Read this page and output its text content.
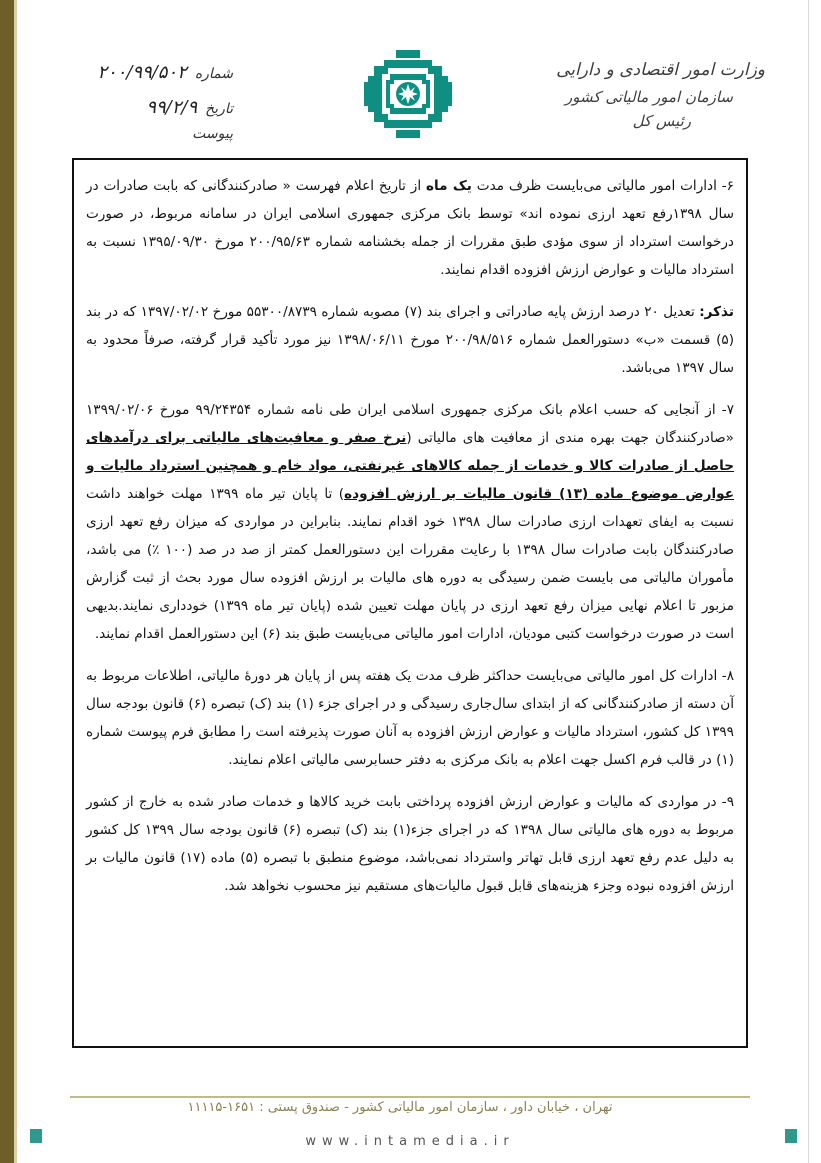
وزارت امور اقتصادی و دارایی
سازمان امور مالیاتی کشور
رئیس کل
شماره
۲۰۰/۹۹/۵۰۲
تاریخ
۹۹/۲/۹
پیوست

۶- ادارات امور مالیاتی می‌بایست ظرف مدت یک ماه از تاریخ اعلام فهرست « صادرکنندگانی که بابت صادرات در سال ۱۳۹۸رفع تعهد ارزی نموده اند» توسط بانک مرکزی جمهوری اسلامی ایران در سامانه مربوط، در صورت درخواست استرداد از سوی مؤدی طبق مقررات از جمله بخشنامه شماره ۲۰۰/۹۵/۶۳ مورخ ۱۳۹۵/۰۹/۳۰ نسبت به استرداد مالیات و عوارض ارزش افزوده اقدام نمایند.

تذکر: تعدیل ۲۰ درصد ارزش پایه صادراتی و اجرای بند (۷) مصوبه شماره ۵۵۳۰۰/۸۷۳۹ مورخ ۱۳۹۷/۰۲/۰۲ که در بند (۵) قسمت «ب» دستورالعمل شماره ۲۰۰/۹۸/۵۱۶ مورخ ۱۳۹۸/۰۶/۱۱ نیز مورد تأکید قرار گرفته، صرفاً محدود به سال ۱۳۹۷ می‌باشد.

۷- از آنجایی که حسب اعلام بانک مرکزی جمهوری اسلامی ایران طی نامه شماره ۹۹/۲۴۳۵۴ مورخ ۱۳۹۹/۰۲/۰۶ «صادرکنندگان جهت بهره مندی از معافیت های مالیاتی (نرخ صفر و معافیت‌های مالیاتی برای درآمدهای حاصل از صادرات کالا و خدمات از جمله کالاهای غیرنفتی، مواد خام و همچنین استرداد مالیات و عوارض موضوع ماده (۱۳) قانون مالیات بر ارزش افزوده) تا پایان تیر ماه ۱۳۹۹ مهلت خواهند داشت نسبت به ایفای تعهدات ارزی صادرات سال ۱۳۹۸ خود اقدام نمایند. بنابراین در مواردی که میزان رفع تعهد ارزی صادرکنندگان بابت صادرات سال ۱۳۹۸ با رعایت مقررات این دستورالعمل کمتر از صد در صد (۱۰۰ ٪) می باشد، مأموران مالیاتی می بایست ضمن رسیدگی به دوره های مالیات بر ارزش افزوده سال مورد بحث از ثبت گزارش مزبور تا اعلام نهایی میزان رفع تعهد ارزی در پایان مهلت تعیین شده (پایان تیر ماه ۱۳۹۹) خودداری نمایند.بدیهی است در صورت درخواست کتبی مودیان، ادارات امور مالیاتی می‌بایست طبق بند (۶) این دستورالعمل اقدام نمایند.

۸- ادارات کل امور مالیاتی می‌بایست حداکثر ظرف مدت یک هفته پس از پایان هر دورهٔ مالیاتی، اطلاعات مربوط به آن دسته از صادرکنندگانی که از ابتدای سال‌جاری رسیدگی و در اجرای جزء (۱) بند (ک) تبصره (۶) قانون بودجه سال ۱۳۹۹ کل کشور، استرداد مالیات و عوارض ارزش افزوده به آنان صورت پذیرفته است را مطابق فرم پیوست شماره (۱) در قالب فرم اکسل جهت اعلام به بانک مرکزی به دفتر حسابرسی مالیاتی اعلام نمایند.

۹- در مواردی که مالیات و عوارض ارزش افزوده پرداختی بابت خرید کالاها و خدمات صادر شده به خارج از کشور مربوط به دوره های مالیاتی سال ۱۳۹۸ که در اجرای جزء(۱) بند (ک) تبصره (۶) قانون بودجه سال ۱۳۹۹ کل کشور به دلیل عدم رفع تعهد ارزی قابل تهاتر واسترداد نمی‌باشد، موضوع منطبق با تبصره (۵) ماده (۱۷) قانون مالیات بر ارزش افزوده نبوده وجزء هزینه‌های قابل قبول مالیات‌های مستقیم نیز محسوب نخواهد شد.

تهران ، خیابان داور ، سازمان امور مالیاتی کشور - صندوق پستی : ۱۶۵۱-۱۱۱۱۵
www.intamedia.ir
